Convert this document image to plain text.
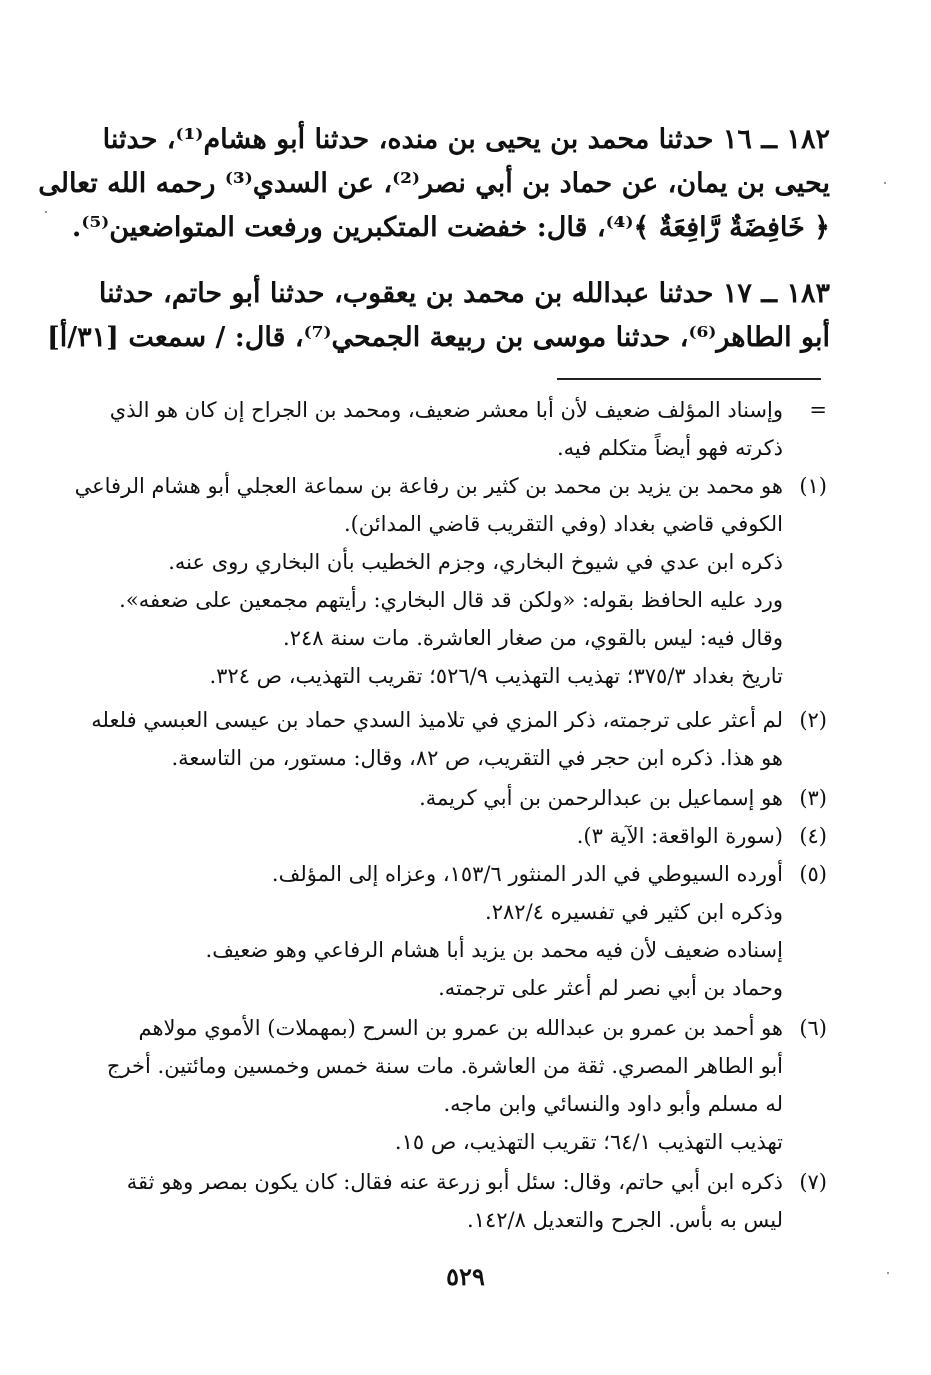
١٨٢ ــ ١٦ حدثنا محمد بن يحيى بن منده، حدثنا أبو هشام⁽¹⁾، حدثنا
يحيى بن يمان، عن حماد بن أبي نصر⁽²⁾، عن السدي⁽³⁾ رحمه الله تعالى
﴿ خَافِضَةٌ رَّافِعَةٌ ﴾⁽⁴⁾، قال: خفضت المتكبرين ورفعت المتواضعين⁽⁵⁾.
١٨٣ ــ ١٧ حدثنا عبدالله بن محمد بن يعقوب، حدثنا أبو حاتم، حدثنا
أبو الطاهر⁽⁶⁾، حدثنا موسى بن ربيعة الجمحي⁽⁷⁾، قال: / سمعت [٣١/أ]
=
(١)
(٢)
(٣)
(٤)
(٥)
(٦)
(٧)
وإسناد المؤلف ضعيف لأن أبا معشر ضعيف، ومحمد بن الجراح إن كان هو الذي
ذكرته فهو أيضاً متكلم فيه.
هو محمد بن يزيد بن محمد بن كثير بن رفاعة بن سماعة العجلي أبو هشام الرفاعي
الكوفي قاضي بغداد (وفي التقريب قاضي المدائن).
ذكره ابن عدي في شيوخ البخاري، وجزم الخطيب بأن البخاري روى عنه.
ورد عليه الحافظ بقوله: «ولكن قد قال البخاري: رأيتهم مجمعين على ضعفه».
وقال فيه: ليس بالقوي، من صغار العاشرة. مات سنة ٢٤٨.
تاريخ بغداد ٣٧٥/٣؛ تهذيب التهذيب ٥٢٦/٩؛ تقريب التهذيب، ص ٣٢٤.
لم أعثر على ترجمته، ذكر المزي في تلاميذ السدي حماد بن عيسى العبسي فلعله
هو هذا. ذكره ابن حجر في التقريب، ص ٨٢، وقال: مستور، من التاسعة.
هو إسماعيل بن عبدالرحمن بن أبي كريمة.
(سورة الواقعة: الآية ٣).
أورده السيوطي في الدر المنثور ١٥٣/٦، وعزاه إلى المؤلف.
وذكره ابن كثير في تفسيره ٢٨٢/٤.
إسناده ضعيف لأن فيه محمد بن يزيد أبا هشام الرفاعي وهو ضعيف.
وحماد بن أبي نصر لم أعثر على ترجمته.
هو أحمد بن عمرو بن عبدالله بن عمرو بن السرح (بمهملات) الأموي مولاهم
أبو الطاهر المصري. ثقة من العاشرة. مات سنة خمس وخمسين ومائتين. أخرج
له مسلم وأبو داود والنسائي وابن ماجه.
تهذيب التهذيب ٦٤/١؛ تقريب التهذيب، ص ١٥.
ذكره ابن أبي حاتم، وقال: سئل أبو زرعة عنه فقال: كان يكون بمصر وهو ثقة
ليس به بأس. الجرح والتعديل ١٤٢/٨.
٥٢٩
